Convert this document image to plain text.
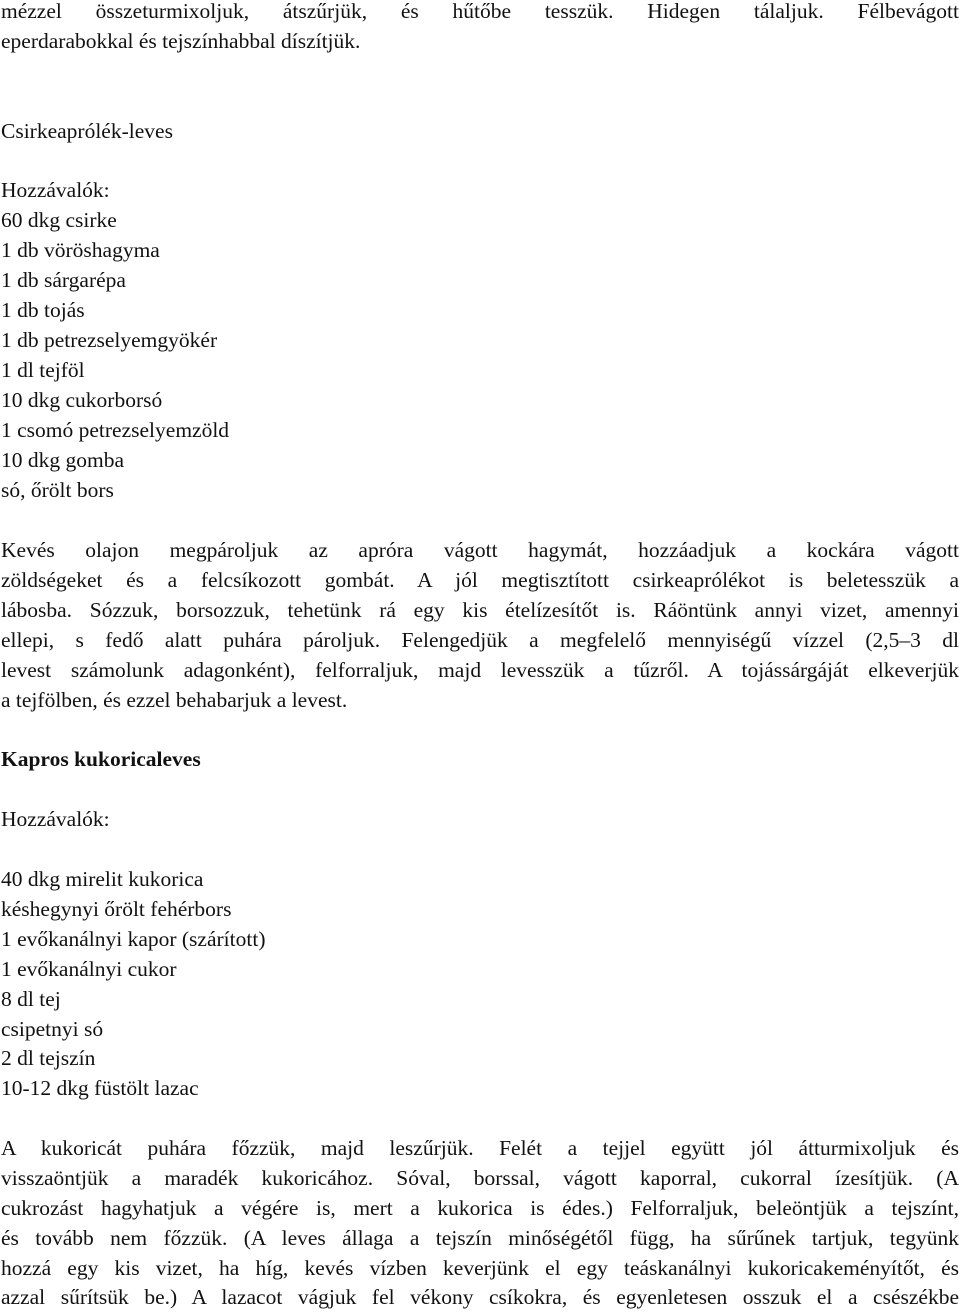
mézzel összeturmixoljuk, átszűrjük, és hűtőbe tesszük. Hidegen tálaljuk. Félbevágott
eperdarabokkal és tejszínhabbal díszítjük.
Csirkeaprólék-leves
Hozzávalók:
60 dkg csirke
1 db vöröshagyma
1 db sárgarépa
1 db tojás
1 db petrezselyemgyökér
1 dl tejföl
10 dkg cukorborsó
1 csomó petrezselyemzöld
10 dkg gomba
só, őrölt bors
Kevés olajon megpároljuk az apróra vágott hagymát, hozzáadjuk a kockára vágott
zöldségeket és a felcsíkozott gombát. A jól megtisztított csirkeaprólékot is beletesszük a
lábosba. Sózzuk, borsozzuk, tehetünk rá egy kis ételízesítőt is. Ráöntünk annyi vizet, amennyi
ellepi, s fedő alatt puhára pároljuk. Felengedjük a megfelelő mennyiségű vízzel (2,5–3 dl
levest számolunk adagonként), felforraljuk, majd levesszük a tűzről. A tojássárgáját elkeverjük
a tejfölben, és ezzel behabarjuk a levest.
Kapros kukoricaleves
Hozzávalók:
40 dkg mirelit kukorica
késhegynyi őrölt fehérbors
1 evőkanálnyi kapor (szárított)
1 evőkanálnyi cukor
8 dl tej
csipetnyi só
2 dl tejszín
10-12 dkg füstölt lazac
A kukoricát puhára főzzük, majd leszűrjük. Felét a tejjel együtt jól átturmixoljuk és
visszaöntjük a maradék kukoricához. Sóval, borssal, vágott kaporral, cukorral ízesítjük. (A
cukrozást hagyhatjuk a végére is, mert a kukorica is édes.) Felforraljuk, beleöntjük a tejszínt,
és tovább nem főzzük. (A leves állaga a tejszín minőségétől függ, ha sűrűnek tartjuk, tegyünk
hozzá egy kis vizet, ha híg, kevés vízben keverjünk el egy teáskanálnyi kukoricakeményítőt, és
azzal sűrítsük be.) A lazacot vágjuk fel vékony csíkokra, és egyenletesen osszuk el a csészékbe
